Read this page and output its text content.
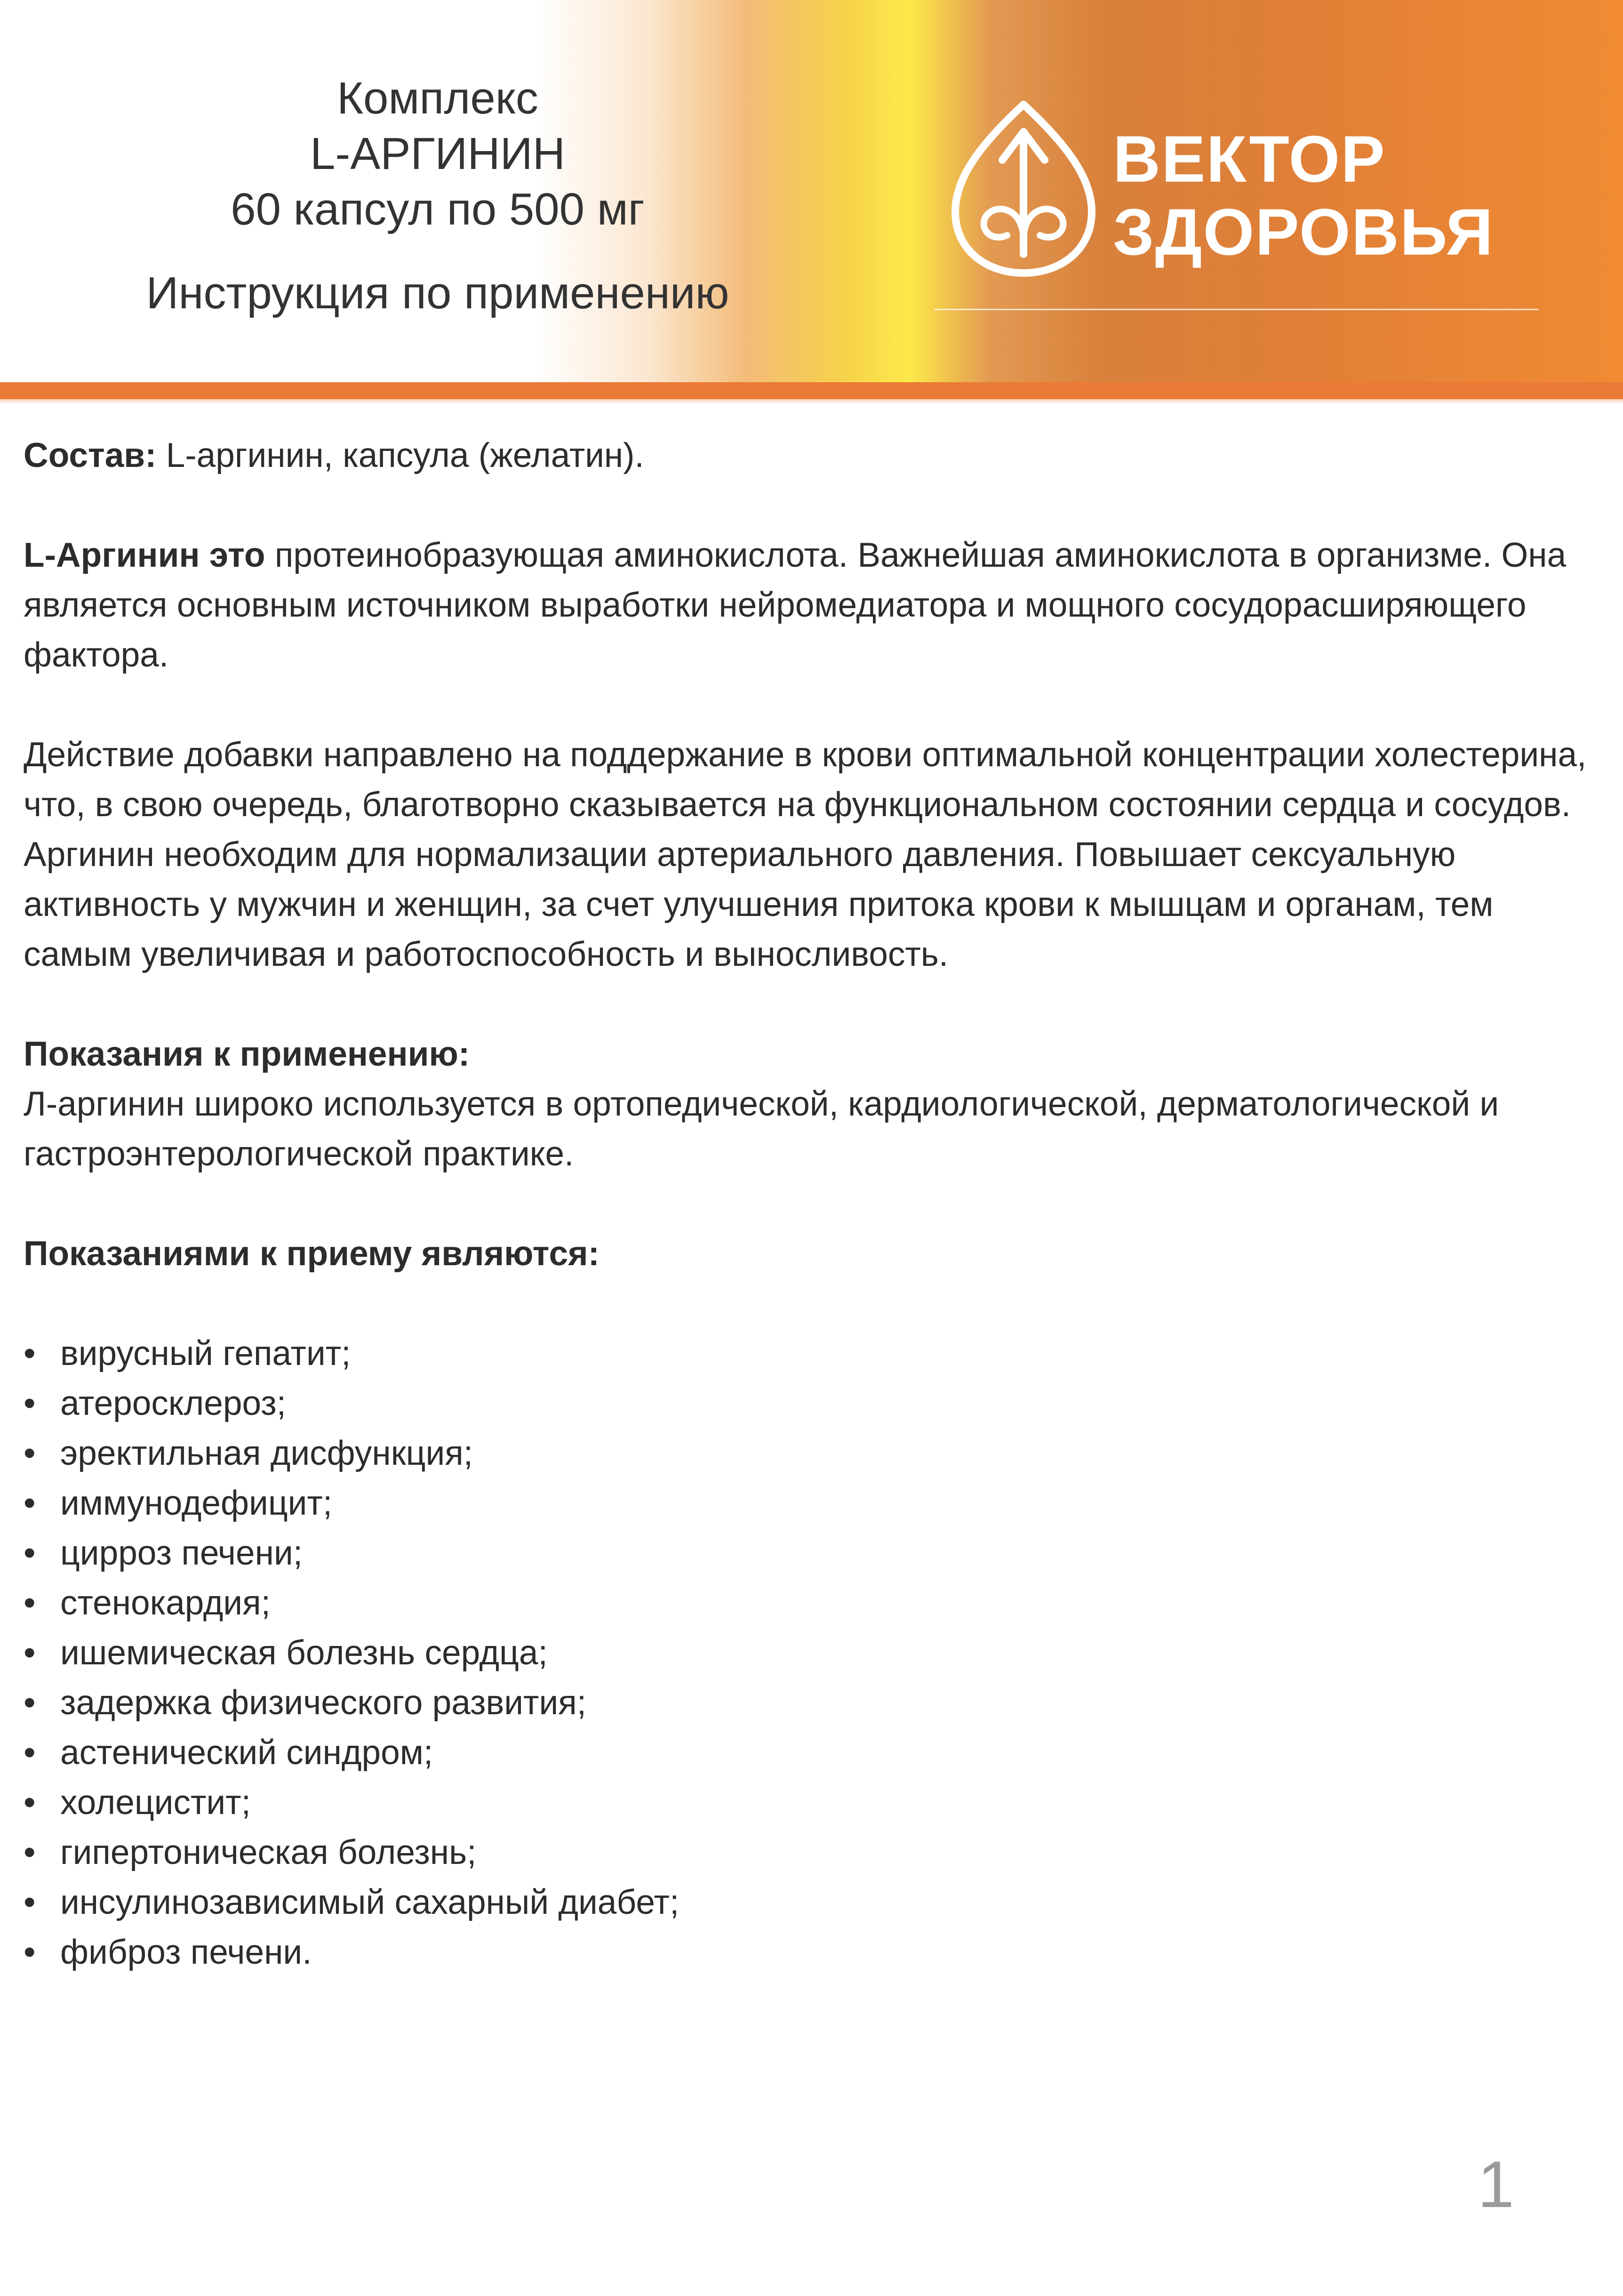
Комплекс
L-АРГИНИН
60 капсул по 500 мг
Инструкция по применению
ВЕКТОР
ЗДОРОВЬЯ

Состав: L-аргинин, капсула (желатин).

L-Аргинин это протеинобразующая аминокислота. Важнейшая аминокислота в организме. Она является основным источником выработки нейромедиатора и мощного сосудорасширяющего фактора.

Действие добавки направлено на поддержание в крови оптимальной концентрации холестерина, что, в свою очередь, благотворно сказывается на функциональном состоянии сердца и сосудов.

Аргинин необходим для нормализации артериального давления. Повышает сексуальную активность у мужчин и женщин, за счет улучшения притока крови к мышцам и органам, тем самым увеличивая и работоспособность и выносливость.

Показания к применению:

Л-аргинин широко используется в ортопедической, кардиологической, дерматологической и гастроэнтерологической практике.

Показаниями к приему являются:

• вирусный гепатит;
• атеросклероз;
• эректильная дисфункция;
• иммунодефицит;
• цирроз печени;
• стенокардия;
• ишемическая болезнь сердца;
• задержка физического развития;
• астенический синдром;
• холецистит;
• гипертоническая болезнь;
• инсулинозависимый сахарный диабет;
• фиброз печени.
1
